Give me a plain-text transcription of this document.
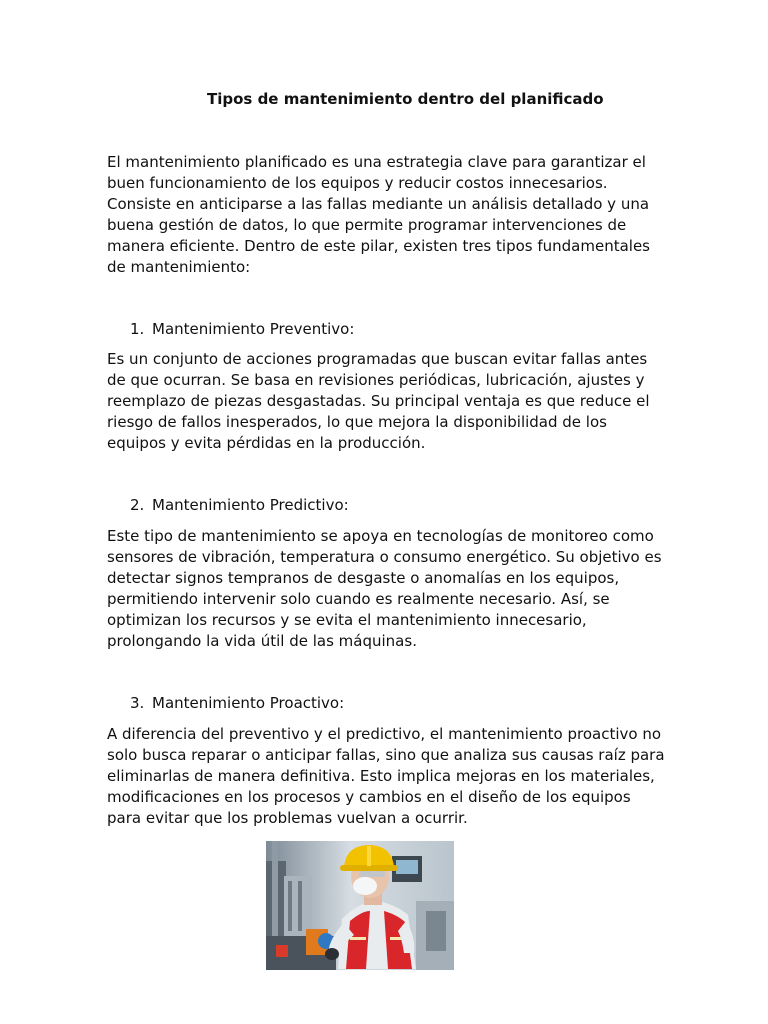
Tipos de mantenimiento dentro del planificado

El mantenimiento planificado es una estrategia clave para garantizar el buen funcionamiento de los equipos y reducir costos innecesarios. Consiste en anticiparse a las fallas mediante un análisis detallado y una buena gestión de datos, lo que permite programar intervenciones de manera eficiente. Dentro de este pilar, existen tres tipos fundamentales de mantenimiento:

1. Mantenimiento Preventivo:

Es un conjunto de acciones programadas que buscan evitar fallas antes de que ocurran. Se basa en revisiones periódicas, lubricación, ajustes y reemplazo de piezas desgastadas. Su principal ventaja es que reduce el riesgo de fallos inesperados, lo que mejora la disponibilidad de los equipos y evita pérdidas en la producción.

2. Mantenimiento Predictivo:

Este tipo de mantenimiento se apoya en tecnologías de monitoreo como sensores de vibración, temperatura o consumo energético. Su objetivo es detectar signos tempranos de desgaste o anomalías en los equipos, permitiendo intervenir solo cuando es realmente necesario. Así, se optimizan los recursos y se evita el mantenimiento innecesario, prolongando la vida útil de las máquinas.

3. Mantenimiento Proactivo:

A diferencia del preventivo y el predictivo, el mantenimiento proactivo no solo busca reparar o anticipar fallas, sino que analiza sus causas raíz para eliminarlas de manera definitiva. Esto implica mejoras en los materiales, modificaciones en los procesos y cambios en el diseño de los equipos para evitar que los problemas vuelvan a ocurrir.
